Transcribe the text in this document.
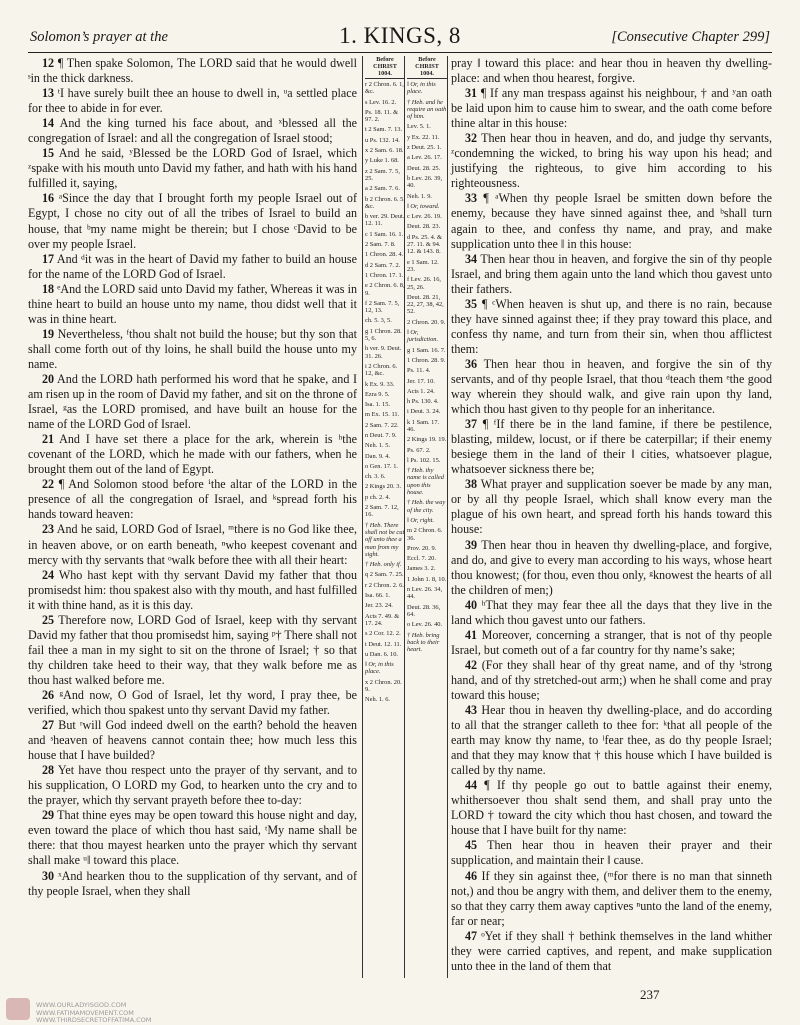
Solomon’s prayer at the	1. KINGS, 8	[Consecutive Chapter 299]

12 ¶ Then spake Solomon, The LORD said that he would dwell ˢin the thick darkness.

13 ᵗI have surely built thee an house to dwell in, ᵘa settled place for thee to abide in for ever.

14 And the king turned his face about, and ˣblessed all the congregation of Israel: and all the congregation of Israel stood;

15 And he said, ʸBlessed be the LORD God of Israel, which ᶻspake with his mouth unto David my father, and hath with his hand fulfilled it, saying,

16 ᵃSince the day that I brought forth my people Israel out of Egypt, I chose no city out of all the tribes of Israel to build an house, that ᵇmy name might be therein; but I chose ᶜDavid to be over my people Israel.

17 And ᵈit was in the heart of David my father to build an house for the name of the LORD God of Israel.

18 ᵉAnd the LORD said unto David my father, Whereas it was in thine heart to build an house unto my name, thou didst well that it was in thine heart.

19 Nevertheless, ᶠthou shalt not build the house; but thy son that shall come forth out of thy loins, he shall build the house unto my name.

20 And the LORD hath performed his word that he spake, and I am risen up in the room of David my father, and sit on the throne of Israel, ᵍas the LORD promised, and have built an house for the name of the LORD God of Israel.

21 And I have set there a place for the ark, wherein is ʰthe covenant of the LORD, which he made with our fathers, when he brought them out of the land of Egypt.

22 ¶ And Solomon stood before ⁱthe altar of the LORD in the presence of all the congregation of Israel, and ᵏspread forth his hands toward heaven:

23 And he said, LORD God of Israel, ᵐthere is no God like thee, in heaven above, or on earth beneath, ⁿwho keepest covenant and mercy with thy servants that ᵒwalk before thee with all their heart:

24 Who hast kept with thy servant David my father that thou promisedst him: thou spakest also with thy mouth, and hast fulfilled it with thine hand, as it is this day.

25 Therefore now, LORD God of Israel, keep with thy servant David my father that thou promisedst him, saying ᵖ† There shall not fail thee a man in my sight to sit on the throne of Israel; † so that thy children take heed to their way, that they walk before me as thou hast walked before me.

26 ᵍAnd now, O God of Israel, let thy word, I pray thee, be verified, which thou spakest unto thy servant David my father.

27 But ʳwill God indeed dwell on the earth? behold the heaven and ˢheaven of heavens cannot contain thee; how much less this house that I have builded?

28 Yet have thou respect unto the prayer of thy servant, and to his supplication, O LORD my God, to hearken unto the cry and to the prayer, which thy servant prayeth before thee to-day:

29 That thine eyes may be open toward this house night and day, even toward the place of which thou hast said, ᵗMy name shall be there: that thou mayest hearken unto the prayer which thy servant shall make ᵘ‖ toward this place.

30 ˣAnd hearken thou to the supplication of thy servant, and of thy people Israel, when they shall

Before
CHRIST
1004.
r 2 Chron. 6. 1, &c.
s Lev. 16. 2.
Ps. 18. 11. & 97. 2.
t 2 Sam. 7. 13.
u Ps. 132. 14.
x 2 Sam. 6. 18.
y Luke 1. 68.
z 2 Sam. 7. 5, 25.
a 2 Sam. 7. 6.
b 2 Chron. 6. 5, &c.
b ver. 29. Deut. 12. 11.
c 1 Sam. 16. 1.
2 Sam. 7. 8.
1 Chron. 28. 4.
d 2 Sam. 7. 2.
1 Chron. 17. 1.
e 2 Chron. 6. 8, 9.
f 2 Sam. 7. 5, 12, 13.
ch. 5. 3, 5.
g 1 Chron. 28. 5, 6.
h ver. 9. Deut. 31. 26.
i 2 Chron. 6. 12, &c.
k Ex. 9. 33.
Ezra 9. 5.
Isa. 1. 15.
m Ex. 15. 11.
2 Sam. 7. 22.
n Deut. 7. 9.
Neh. 1. 5.
Dan. 9. 4.
o Gen. 17. 1.
ch. 3. 6.
2 Kings 20. 3.
p ch. 2. 4.
2 Sam. 7. 12, 16.
† Heb. There shall not be cut off unto thee a man from my sight.
† Heb. only if.
q 2 Sam. 7. 25.
r 2 Chron. 2. 6.
Isa. 66. 1.
Jer. 23. 24.
Acts 7. 49. & 17. 24.
s 2 Cor. 12. 2.
t Deut. 12. 11.
u Dan. 6. 10.
‖ Or, in this place.
x 2 Chron. 20. 9.
Neh. 1. 6.
Before
CHRIST
1004.
‖ Or, in this place.
† Heb. and he require an oath of him.
Lev. 5. 1.
y Ex. 22. 11.
z Deut. 25. 1.
a Lev. 26. 17.
Deut. 28. 25.
b Lev. 26. 39, 40.
Neh. 1. 9.
‖ Or, toward.
c Lev. 26. 19.
Deut. 28. 23.
d Ps. 25. 4. & 27. 11. & 94. 12. & 143. 8.
e 1 Sam. 12. 23.
f Lev. 26. 16, 25, 26.
Deut. 28. 21, 22, 27, 38, 42, 52.
2 Chron. 20. 9.
‖ Or, jurisdiction.
g 1 Sam. 16. 7.
1 Chron. 28. 9.
Ps. 11. 4.
Jer. 17. 10.
Acts 1. 24.
h Ps. 130. 4.
i Deut. 3. 24.
k 1 Sam. 17. 46.
2 Kings 19. 19.
Ps. 67. 2.
l Ps. 102. 15.
† Heb. thy name is called upon this house.
† Heb. the way of the city.
‖ Or, right.
m 2 Chron. 6. 36.
Prov. 20. 9.
Eccl. 7. 20.
James 3. 2.
1 John 1. 8, 10.
n Lev. 26. 34, 44.
Deut. 28. 36, 64.
o Lev. 26. 40.
† Heb. bring back to their heart.

pray ‖ toward this place: and hear thou in heaven thy dwelling-place: and when thou hearest, forgive.

31 ¶ If any man trespass against his neighbour, † and ʸan oath be laid upon him to cause him to swear, and the oath come before thine altar in this house:

32 Then hear thou in heaven, and do, and judge thy servants, ᶻcondemning the wicked, to bring his way upon his head; and justifying the righteous, to give him according to his righteousness.

33 ¶ ᵃWhen thy people Israel be smitten down before the enemy, because they have sinned against thee, and ᵇshall turn again to thee, and confess thy name, and pray, and make supplication unto thee ‖ in this house:

34 Then hear thou in heaven, and forgive the sin of thy people Israel, and bring them again unto the land which thou gavest unto their fathers.

35 ¶ ᶜWhen heaven is shut up, and there is no rain, because they have sinned against thee; if they pray toward this place, and confess thy name, and turn from their sin, when thou afflictest them:

36 Then hear thou in heaven, and forgive the sin of thy servants, and of thy people Israel, that thou ᵈteach them ᵉthe good way wherein they should walk, and give rain upon thy land, which thou hast given to thy people for an inheritance.

37 ¶ ᶠIf there be in the land famine, if there be pestilence, blasting, mildew, locust, or if there be caterpillar; if their enemy besiege them in the land of their ‖ cities, whatsoever plague, whatsoever sickness there be;

38 What prayer and supplication soever be made by any man, or by all thy people Israel, which shall know every man the plague of his own heart, and spread forth his hands toward this house:

39 Then hear thou in heaven thy dwelling-place, and forgive, and do, and give to every man according to his ways, whose heart thou knowest; (for thou, even thou only, ᵍknowest the hearts of all the children of men;)

40 ʰThat they may fear thee all the days that they live in the land which thou gavest unto our fathers.

41 Moreover, concerning a stranger, that is not of thy people Israel, but cometh out of a far country for thy name’s sake;

42 (For they shall hear of thy great name, and of thy ⁱstrong hand, and of thy stretched-out arm;) when he shall come and pray toward this house;

43 Hear thou in heaven thy dwelling-place, and do according to all that the stranger calleth to thee for: ᵏthat all people of the earth may know thy name, to ˡfear thee, as do thy people Israel; and that they may know that † this house which I have builded is called by thy name.

44 ¶ If thy people go out to battle against their enemy, whithersoever thou shalt send them, and shall pray unto the LORD † toward the city which thou hast chosen, and toward the house that I have built for thy name:

45 Then hear thou in heaven their prayer and their supplication, and maintain their ‖ cause.

46 If they sin against thee, (ᵐfor there is no man that sinneth not,) and thou be angry with them, and deliver them to the enemy, so that they carry them away captives ⁿunto the land of the enemy, far or near;

47 ᵒYet if they shall † bethink themselves in the land whither they were carried captives, and repent, and make supplication unto thee in the land of them that

237
WWW.OURLADYISGOD.COM
WWW.FATIMAMOVEMENT.COM
WWW.THIRDSECRETOFFATIMA.COM
